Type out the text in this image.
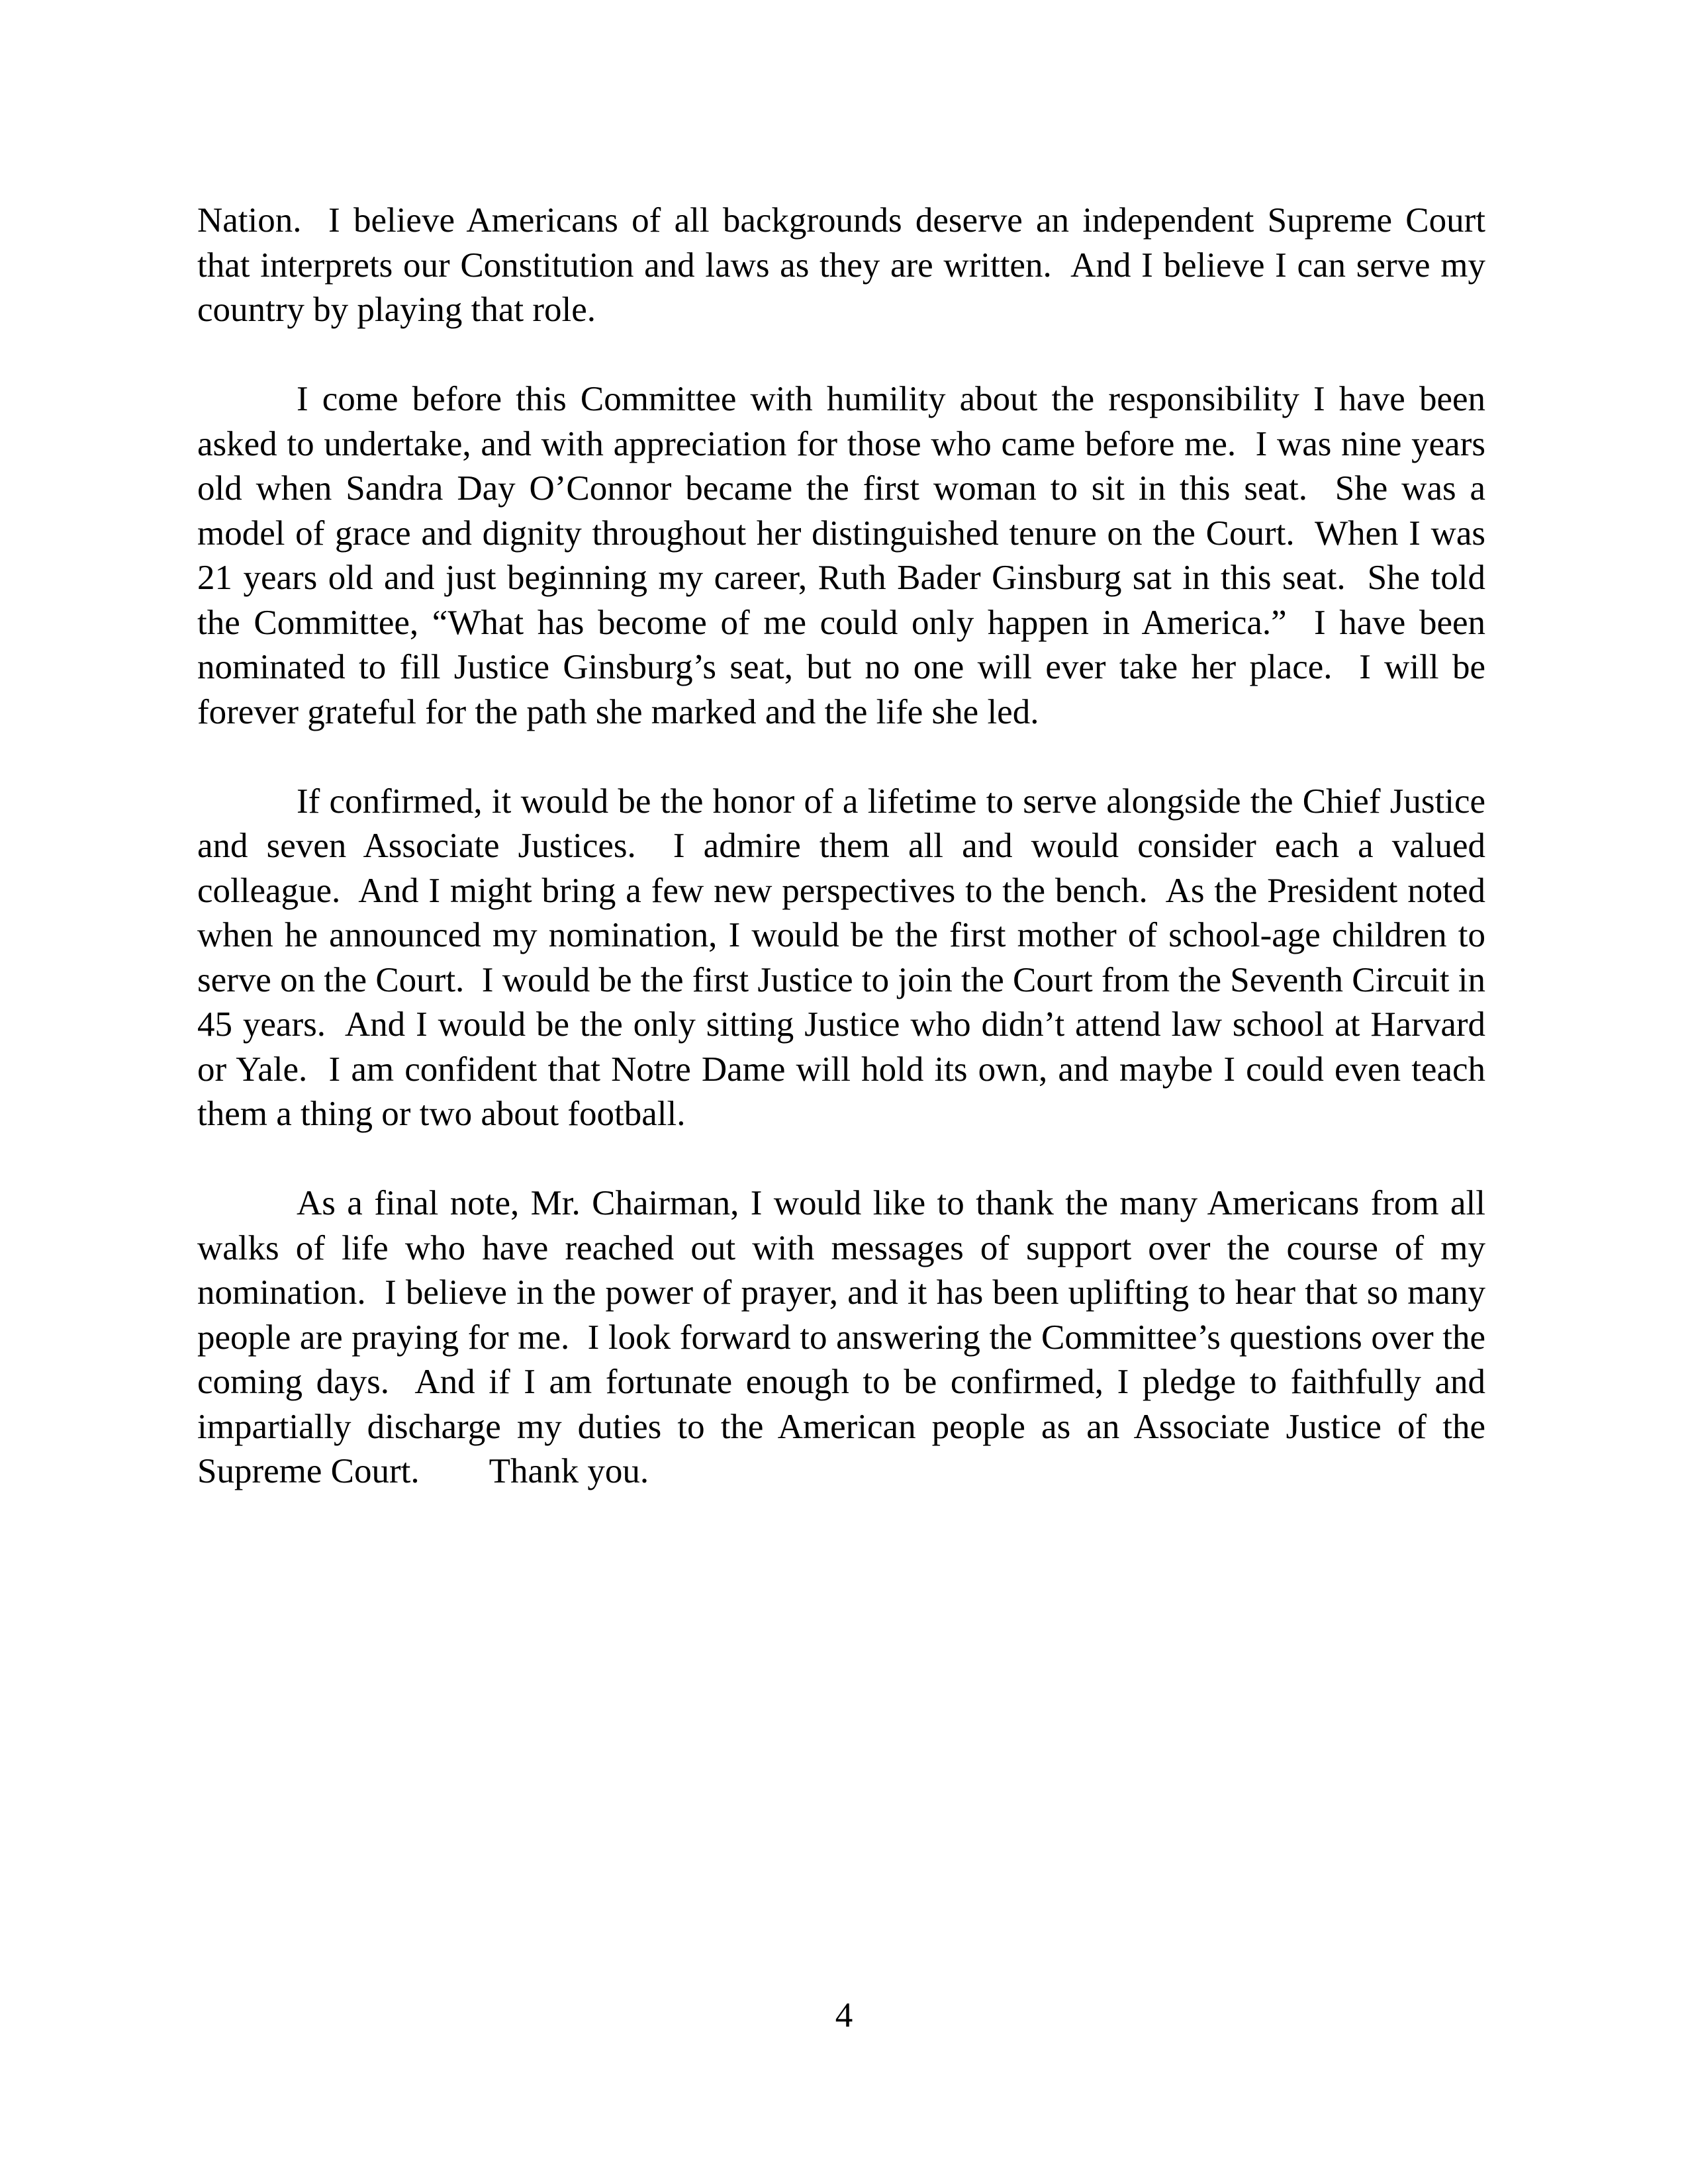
Nation.  I believe Americans of all backgrounds deserve an independent Supreme Court that interprets our Constitution and laws as they are written.  And I believe I can serve my country by playing that role.

I come before this Committee with humility about the responsibility I have been asked to undertake, and with appreciation for those who came before me.  I was nine years old when Sandra Day O’Connor became the first woman to sit in this seat.  She was a model of grace and dignity throughout her distinguished tenure on the Court.  When I was 21 years old and just beginning my career, Ruth Bader Ginsburg sat in this seat.  She told the Committee, “What has become of me could only happen in America.”  I have been nominated to fill Justice Ginsburg’s seat, but no one will ever take her place.  I will be forever grateful for the path she marked and the life she led.

If confirmed, it would be the honor of a lifetime to serve alongside the Chief Justice and seven Associate Justices.  I admire them all and would consider each a valued colleague.  And I might bring a few new perspectives to the bench.  As the President noted when he announced my nomination, I would be the first mother of school-age children to serve on the Court.  I would be the first Justice to join the Court from the Seventh Circuit in 45 years.  And I would be the only sitting Justice who didn’t attend law school at Harvard or Yale.  I am confident that Notre Dame will hold its own, and maybe I could even teach them a thing or two about football.

As a final note, Mr. Chairman, I would like to thank the many Americans from all walks of life who have reached out with messages of support over the course of my nomination.  I believe in the power of prayer, and it has been uplifting to hear that so many people are praying for me.  I look forward to answering the Committee’s questions over the coming days.  And if I am fortunate enough to be confirmed, I pledge to faithfully and impartially discharge my duties to the American people as an Associate Justice of the Supreme Court.        Thank you.

4
